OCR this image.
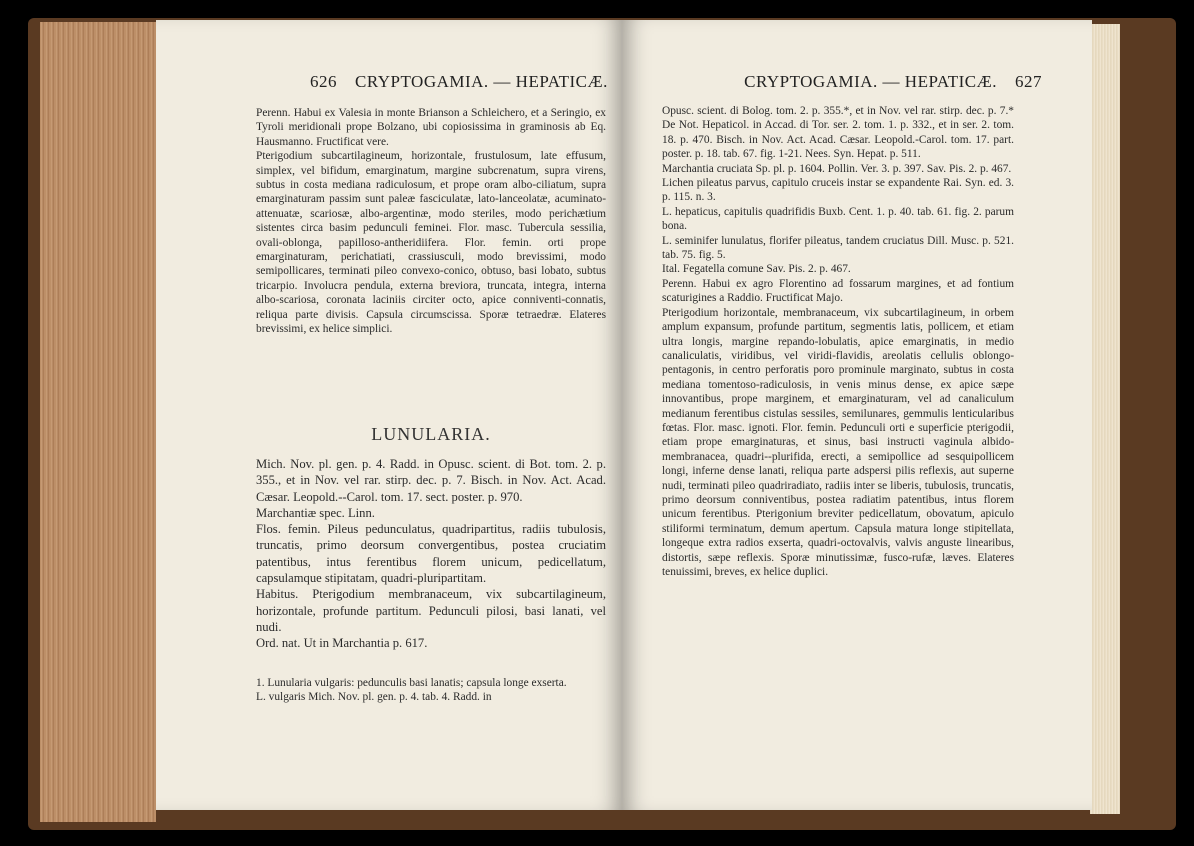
626 CRYPTOGAMIA. — HEPATICÆ.

Perenn. Habui ex Valesia in monte Brianson a Schleicherо, et a Seringio, ex Tyroli meridionali prope Bolzano, ubi copiosissima in graminosis ab Eq. Hausmanno. Fructificat vere.

Pterigodium subcartilagineum, horizontale, frustulosum, late effusum, simplex, vel bifidum, emarginatum, margine subcrenatum, supra virens, subtus in costa mediana radiculosum, et prope oram albo-ciliatum, supra emarginaturam passim sunt paleæ fasciculatæ, lato-lanceolatæ, acuminato-attenuatæ, scariosæ, albo-argentinæ, modo steriles, modo perichætium sistentes circa basim pedunculi feminei. Flor. masc. Tubercula sessilia, ovali-oblonga, papilloso-antheridiifera. Flor. femin. orti prope emarginaturam, perichatiati, crassiusculi, modo brevissimi, modo semipollicares, terminati pileo convexo-conico, obtuso, basi lobato, subtus tricarpio. Involucra pendula, externa breviora, truncata, integra, interna albo-scariosa, coronata laciniis circiter octo, apice conniventi-connatis, reliqua parte divisis. Capsula circumscissa. Sporæ tetraedræ. Elateres brevissimi, ex helice simplici.

LUNULARIA.

Mich. Nov. pl. gen. p. 4. Radd. in Opusc. scient. di Bot. tom. 2. p. 355., et in Nov. vel rar. stirp. dec. p. 7. Bisch. in Nov. Act. Acad. Cæsar. Leopold.--Carol. tom. 17. sect. poster. p. 970.

Marchantiæ spec. Linn.

Flos. femin. Pileus pedunculatus, quadripartitus, radiis tubulosis, truncatis, primo deorsum convergentibus, postea cruciatim patentibus, intus ferentibus florem unicum, pedicellatum, capsulamque stipitatam, quadri-pluripartitam.

Habitus. Pterigodium membranaceum, vix subcartilagineum, horizontale, profunde partitum. Pedunculi pilosi, basi lanati, vel nudi.

Ord. nat. Ut in Marchantia p. 617.

1. Lunularia vulgaris: pedunculis basi lanatis; capsula longe exserta.

L. vulgaris Mich. Nov. pl. gen. p. 4. tab. 4. Radd. in

CRYPTOGAMIA. — HEPATICÆ. 627

Opusc. scient. di Bolog. tom. 2. p. 355.*, et in Nov. vel rar. stirp. dec. p. 7.* De Not. Hepaticol. in Accad. di Tor. ser. 2. tom. 1. p. 332., et in ser. 2. tom. 18. p. 470. Bisch. in Nov. Act. Acad. Cæsar. Leopold.-Carol. tom. 17. part. poster. p. 18. tab. 67. fig. 1-21. Nees. Syn. Hepat. p. 511.

Marchantia cruciata Sp. pl. p. 1604. Pollin. Ver. 3. p. 397. Sav. Pis. 2. p. 467.

Lichen pileatus parvus, capitulo cruceis instar se expandente Rai. Syn. ed. 3. p. 115. n. 3.

L. hepaticus, capitulis quadrifidis Buxb. Cent. 1. p. 40. tab. 61. fig. 2. parum bona.

L. seminifer lunulatus, florifer pileatus, tandem cruciatus Dill. Musc. p. 521. tab. 75. fig. 5.

Ital. Fegatella comune Sav. Pis. 2. p. 467.

Perenn. Habui ex agro Florentino ad fossarum margines, et ad fontium scaturigines a Raddio. Fructificat Majo.

Pterigodium horizontale, membranaceum, vix subcartilagineum, in orbem amplum expansum, profunde partitum, segmentis latis, pollicem, et etiam ultra longis, margine repando-lobulatis, apice emarginatis, in medio canaliculatis, viridibus, vel viridi-flavidis, areolatis cellulis oblongo-pentagonis, in centro perforatis poro prominule marginato, subtus in costa mediana tomentoso-radiculosis, in venis minus dense, ex apice sæpe innovantibus, prope marginem, et emarginaturam, vel ad canaliculum medianum ferentibus cistulas sessiles, semilunares, gemmulis lenticularibus fœtas. Flor. masc. ignoti. Flor. femin. Pedunculi orti e superficie pterigodii, etiam prope emarginaturas, et sinus, basi instructi vaginula albido-membranacea, quadri--plurifida, erecti, a semipollice ad sesquipollicem longi, inferne dense lanati, reliqua parte adspersi pilis reflexis, aut superne nudi, terminati pileo quadriradiato, radiis inter se liberis, tubulosis, truncatis, primo deorsum conniventibus, postea radiatim patentibus, intus florem unicum ferentibus. Pterigonium breviter pedicellatum, obovatum, apiculo stiliformi terminatum, demum apertum. Capsula matura longe stipitellata, longeque extra radios exserta, quadri-octovalvis, valvis anguste linearibus, distortis, sæpe reflexis. Sporæ minutissimæ, fusco-rufæ, læves. Elateres tenuissimi, breves, ex helice duplici.
